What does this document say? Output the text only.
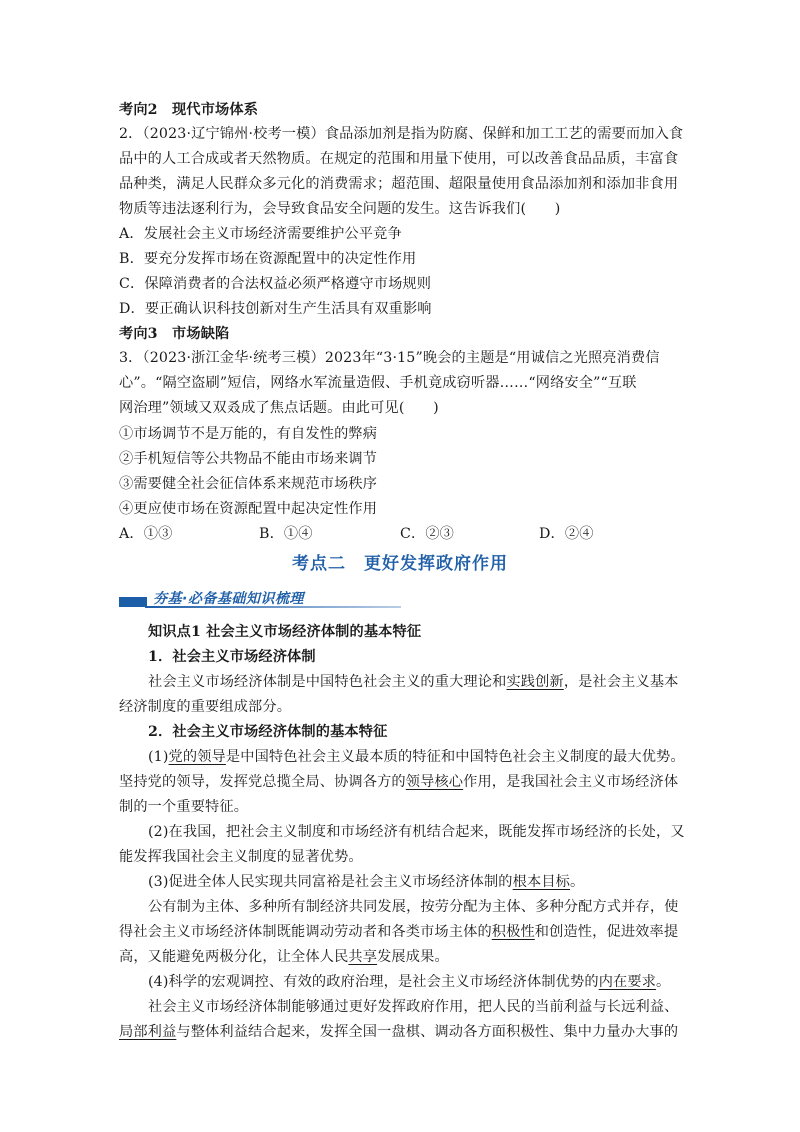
考向2　现代市场体系
2．（2023·辽宁锦州·校考一模）食品添加剂是指为防腐、保鲜和加工工艺的需要而加入食
品中的人工合成或者天然物质。在规定的范围和用量下使用，可以改善食品品质，丰富食
品种类，满足人民群众多元化的消费需求；超范围、超限量使用食品添加剂和添加非食用
物质等违法逐利行为，会导致食品安全问题的发生。这告诉我们(　　)
A．发展社会主义市场经济需要维护公平竞争
B．要充分发挥市场在资源配置中的决定性作用
C．保障消费者的合法权益必须严格遵守市场规则
D．要正确认识科技创新对生产生活具有双重影响
考向3　市场缺陷
3．（2023·浙江金华·统考三模）2023年“3·15”晚会的主题是“用诚信之光照亮消费信
心”。“隔空盗刷”短信，网络水军流量造假、手机竟成窃听器……“网络安全”“互联
网治理”领域又双叒成了焦点话题。由此可见(　　)
①市场调节不是万能的，有自发性的弊病
②手机短信等公共物品不能由市场来调节
③需要健全社会征信体系来规范市场秩序
④更应使市场在资源配置中起决定性作用
A．①③	B．①④	C．②③	D．②④
考点二 更好发挥政府作用
夯基·必备基础知识梳理
知识点1 社会主义市场经济体制的基本特征
1．社会主义市场经济体制
社会主义市场经济体制是中国特色社会主义的重大理论和实践创新，是社会主义基本
经济制度的重要组成部分。
2．社会主义市场经济体制的基本特征
(1)党的领导是中国特色社会主义最本质的特征和中国特色社会主义制度的最大优势。
坚持党的领导，发挥党总揽全局、协调各方的领导核心作用，是我国社会主义市场经济体
制的一个重要特征。
(2)在我国，把社会主义制度和市场经济有机结合起来，既能发挥市场经济的长处，又
能发挥我国社会主义制度的显著优势。
(3)促进全体人民实现共同富裕是社会主义市场经济体制的根本目标。
公有制为主体、多种所有制经济共同发展，按劳分配为主体、多种分配方式并存，使
得社会主义市场经济体制既能调动劳动者和各类市场主体的积极性和创造性，促进效率提
高，又能避免两极分化，让全体人民共享发展成果。
(4)科学的宏观调控、有效的政府治理，是社会主义市场经济体制优势的内在要求。
社会主义市场经济体制能够通过更好发挥政府作用，把人民的当前利益与长远利益、
局部利益与整体利益结合起来，发挥全国一盘棋、调动各方面积极性、集中力量办大事的
